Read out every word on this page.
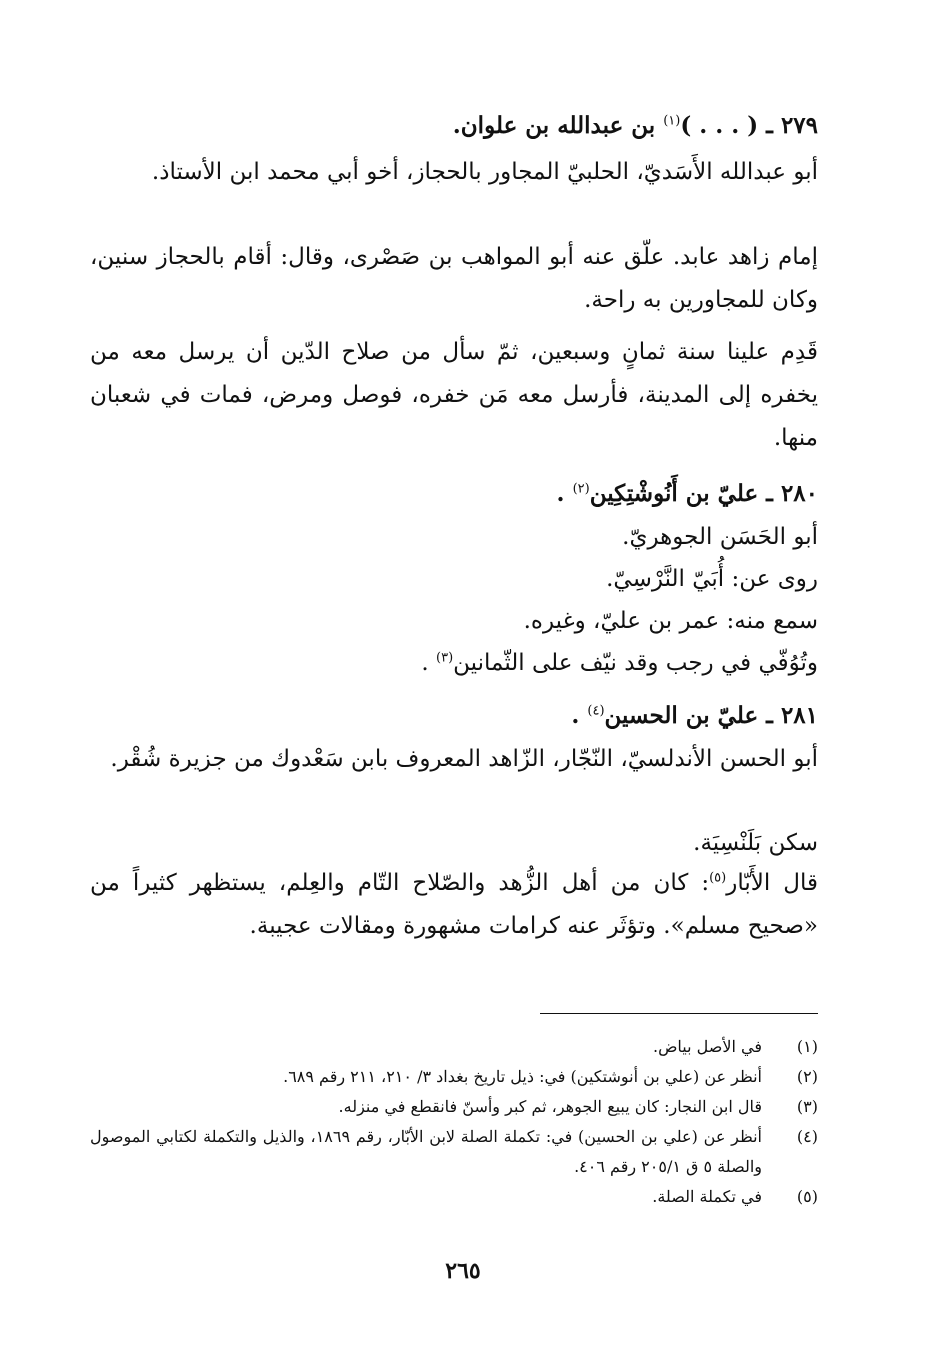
٢٧٩ ـ ( . . . )$^{(١)}$ بن عبدالله بن علوان.
أبو عبدالله الأَسَديّ، الحلبيّ المجاور بالحجاز، أخو أبي محمد ابن الأستاذ.
إمام زاهد عابد. علّق عنه أبو المواهب بن صَصْرى، وقال: أقام بالحجاز سنين، وكان للمجاورين به راحة.
قَدِم علينا سنة ثمانٍ وسبعين، ثمّ سأل من صلاح الدّين أن يرسل معه من يخفره إلى المدينة، فأرسل معه مَن خفره، فوصل ومرض، فمات في شعبان منها.
٢٨٠ ـ عليّ بن أَنُوشْتِكِين$^{(٢)}$ .
أبو الحَسَن الجوهريّ.
روى عن: أُبَيّ النَّرْسِيّ.
سمع منه: عمر بن عليّ، وغيره.
وتُوُفّي في رجب وقد نيّف على الثّمانين$^{(٣)}$ .
٢٨١ ـ عليّ بن الحسين$^{(٤)}$ .
أبو الحسن الأندلسيّ، النّجّار، الزّاهد المعروف بابن سَعْدوك من جزيرة شُقْر.
سكن بَلَنْسِيَة.
قال الأَبّار$^{(٥)}$: كان من أهل الزُّهد والصّلاح التّام والعِلم، يستظهر كثيراً من «صحيح مسلم». وتؤثَر عنه كرامات مشهورة ومقالات عجيبة.
(١)
في الأصل بياض.
(٢)
أنظر عن (علي بن أنوشتكين) في: ذيل تاريخ بغداد ٣/ ٢١٠، ٢١١ رقم ٦٨٩.
(٣)
قال ابن النجار: كان يبيع الجوهر، ثم كبر وأسنّ فانقطع في منزله.
(٤)
أنظر عن (علي بن الحسين) في: تكملة الصلة لابن الأبّار، رقم ١٨٦٩، والذيل والتكملة لكتابي الموصول والصلة ٥ ق ٢٠٥/١ رقم ٤٠٦.
(٥)
في تكملة الصلة.
٢٦٥
